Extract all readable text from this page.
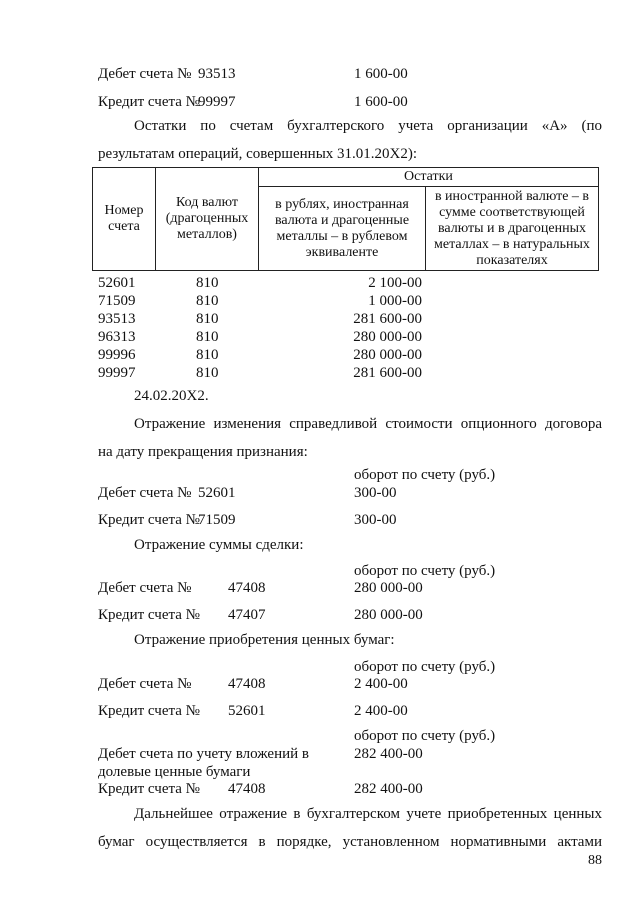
Дебет счета № 93513	1 600-00
Кредит счета №
99997	1 600-00
Остатки по счетам бухгалтерского учета организации «А» (по
результатам операций, совершенных 31.01.20Х2):
Номер счета	Код валют (драгоценных металлов)	Остатки	
		в рублях, иностранная валюта и драгоценные металлы – в рублевом эквиваленте	в иностранной валюте – в сумме соответствующей валюты и в драгоценных металлах – в натуральных показателях
52601	810	2 100-00
71509	810	1 000-00
93513	810	281 600-00
96313	810	280 000-00
99996	810	280 000-00
99997	810	281 600-00
24.02.20Х2.
Отражение изменения справедливой стоимости опционного договора
на дату прекращения признания:
оборот по счету (руб.)
Дебет счета № 52601	300-00
Кредит счета №
71509	300-00
Отражение суммы сделки:
оборот по счету (руб.)
Дебет счета № 47408	280 000-00
Кредит счета № 47407	280 000-00
Отражение приобретения ценных бумаг:
оборот по счету (руб.)
Дебет счета № 47408	2 400-00
Кредит счета № 52601	2 400-00
оборот по счету (руб.)
Дебет счета по учету вложений в	282 400-00
долевые ценные бумаги
Кредит счета № 47408	282 400-00
Дальнейшее отражение в бухгалтерском учете приобретенных ценных
бумаг осуществляется в порядке, установленном нормативными актами
88
